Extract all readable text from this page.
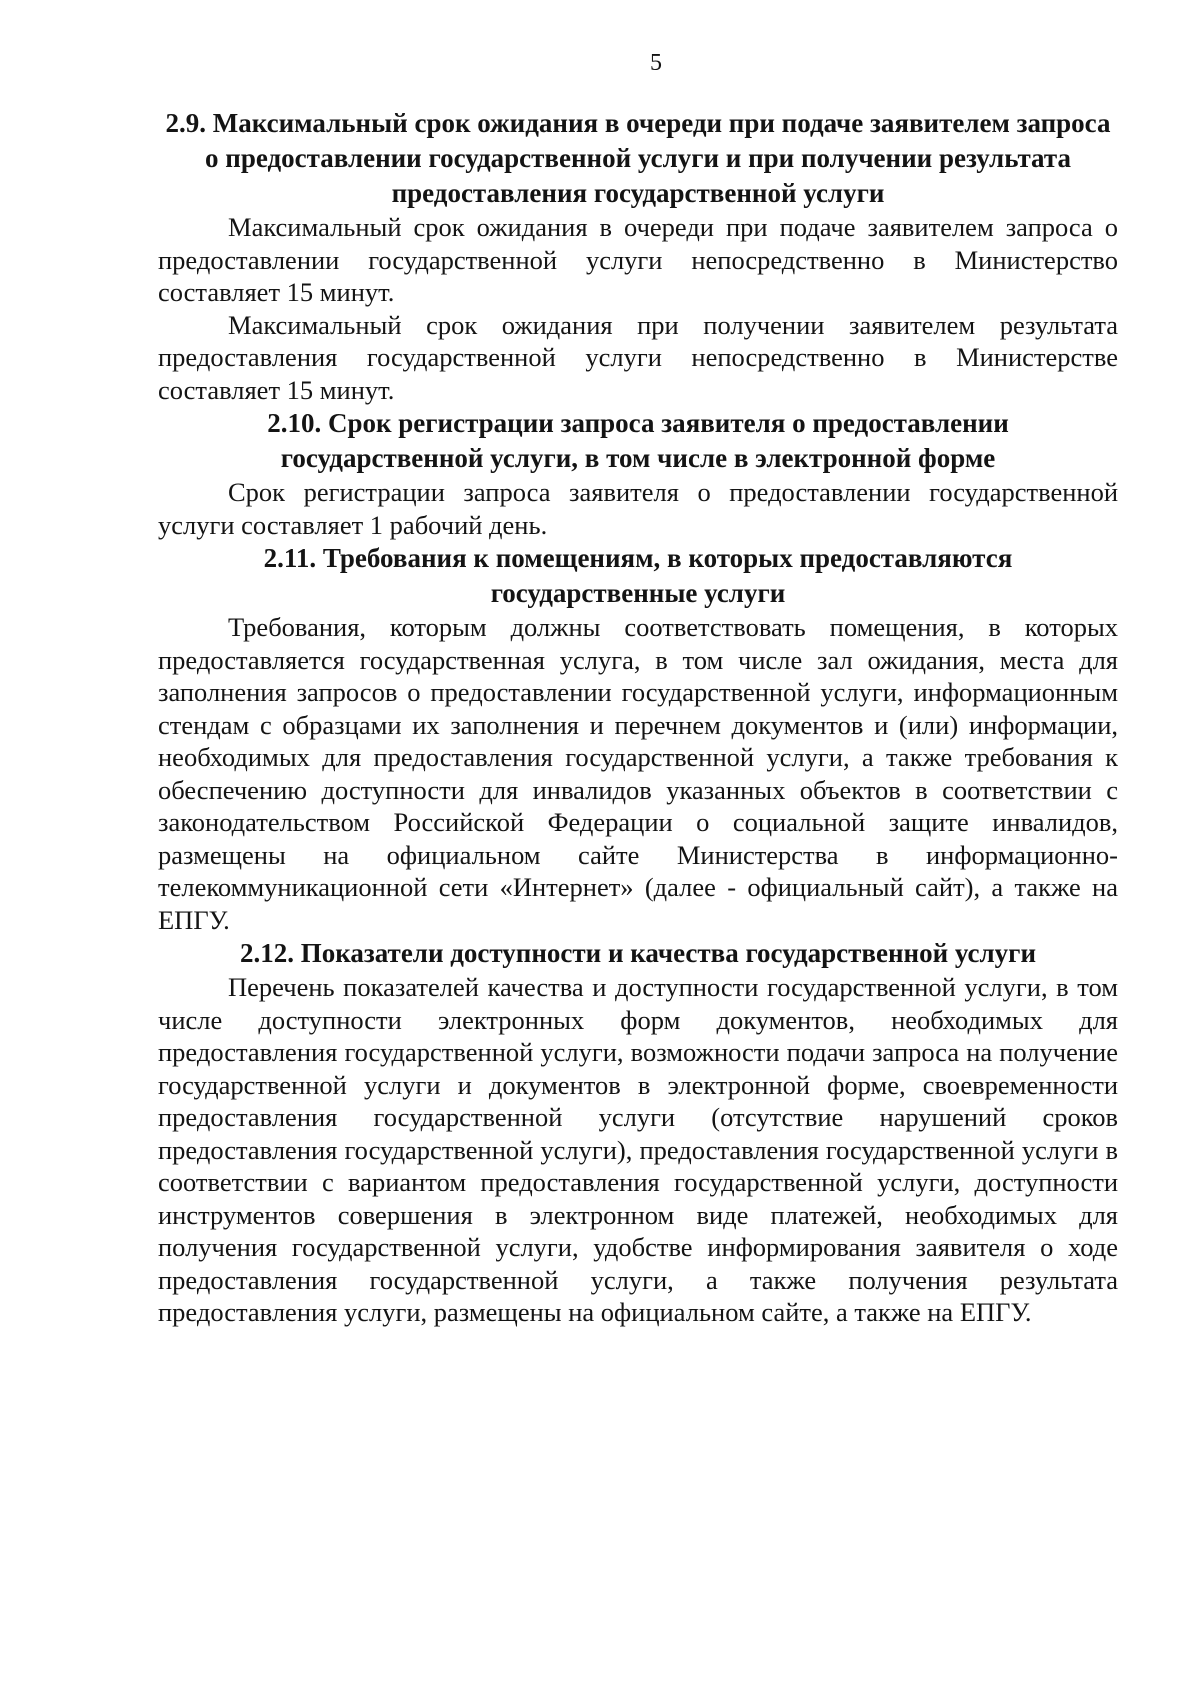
5
2.9. Максимальный срок ожидания в очереди при подаче заявителем запроса о предоставлении государственной услуги и при получении результата предоставления государственной услуги

Максимальный срок ожидания в очереди при подаче заявителем запроса о предоставлении государственной услуги непосредственно в Министерство составляет 15 минут.

Максимальный срок ожидания при получении заявителем результата предоставления государственной услуги непосредственно в Министерстве составляет 15 минут.

2.10. Срок регистрации запроса заявителя о предоставлении государственной услуги, в том числе в электронной форме

Срок регистрации запроса заявителя о предоставлении государственной услуги составляет 1 рабочий день.

2.11. Требования к помещениям, в которых предоставляются государственные услуги

Требования, которым должны соответствовать помещения, в которых предоставляется государственная услуга, в том числе зал ожидания, места для заполнения запросов о предоставлении государственной услуги, информационным стендам с образцами их заполнения и перечнем документов и (или) информации, необходимых для предоставления государственной услуги, а также требования к обеспечению доступности для инвалидов указанных объектов в соответствии с законодательством Российской Федерации о социальной защите инвалидов, размещены на официальном сайте Министерства в информационно-телекоммуникационной сети «Интернет» (далее - официальный сайт), а также на ЕПГУ.

2.12. Показатели доступности и качества государственной услуги

Перечень показателей качества и доступности государственной услуги, в том числе доступности электронных форм документов, необходимых для предоставления государственной услуги, возможности подачи запроса на получение государственной услуги и документов в электронной форме, своевременности предоставления государственной услуги (отсутствие нарушений сроков предоставления государственной услуги), предоставления государственной услуги в соответствии с вариантом предоставления государственной услуги, доступности инструментов совершения в электронном виде платежей, необходимых для получения государственной услуги, удобстве информирования заявителя о ходе предоставления государственной услуги, а также получения результата предоставления услуги, размещены на официальном сайте, а также на ЕПГУ.
